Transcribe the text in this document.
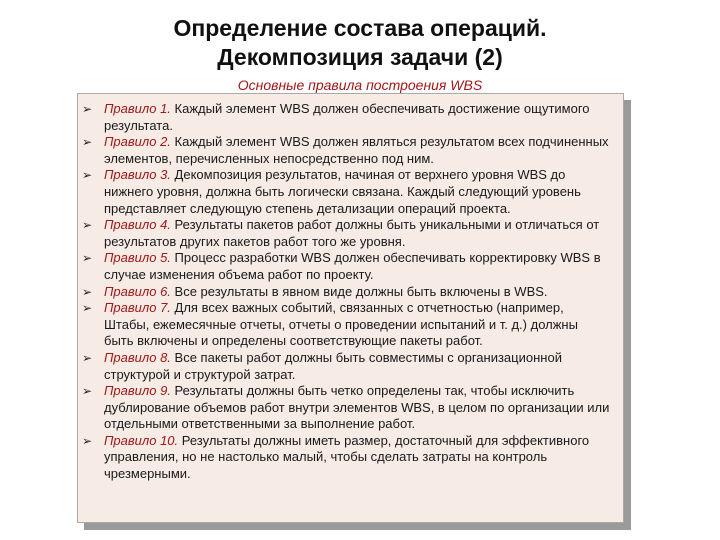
Определение состава операций.
Декомпозиция задачи (2)
Основные правила построения WBS
➢ Правило 1. Каждый элемент WBS должен обеспечивать достижение ощутимого результата.
➢ Правило 2. Каждый элемент WBS должен являться результатом всех подчиненных элементов, перечисленных непосредственно под ним.
➢ Правило 3. Декомпозиция результатов, начиная от верхнего уровня WBS до нижнего уровня, должна быть логически связана. Каждый следующий уровень представляет следующую степень детализации операций проекта.
➢ Правило 4. Результаты пакетов работ должны быть уникальными и отличаться от результатов других пакетов работ того же уровня.
➢ Правило 5. Процесс разработки WBS должен обеспечивать корректировку WBS в случае изменения объема работ по проекту.
➢ Правило 6. Все результаты в явном виде должны быть включены в WBS.
➢ Правило 7. Для всех важных событий, связанных с отчетностью (например, Штабы, ежемесячные отчеты, отчеты о проведении испытаний и т. д.) должны быть включены и определены соответствующие пакеты работ.
➢ Правило 8. Все пакеты работ должны быть совместимы с организационной структурой и структурой затрат.
➢ Правило 9. Результаты должны быть четко определены так, чтобы исключить дублирование объемов работ внутри элементов WBS, в целом по организации или отдельными ответственными за выполнение работ.
➢ Правило 10. Результаты должны иметь размер, достаточный для эффективного управления, но не настолько малый, чтобы сделать затраты на контроль чрезмерными.
